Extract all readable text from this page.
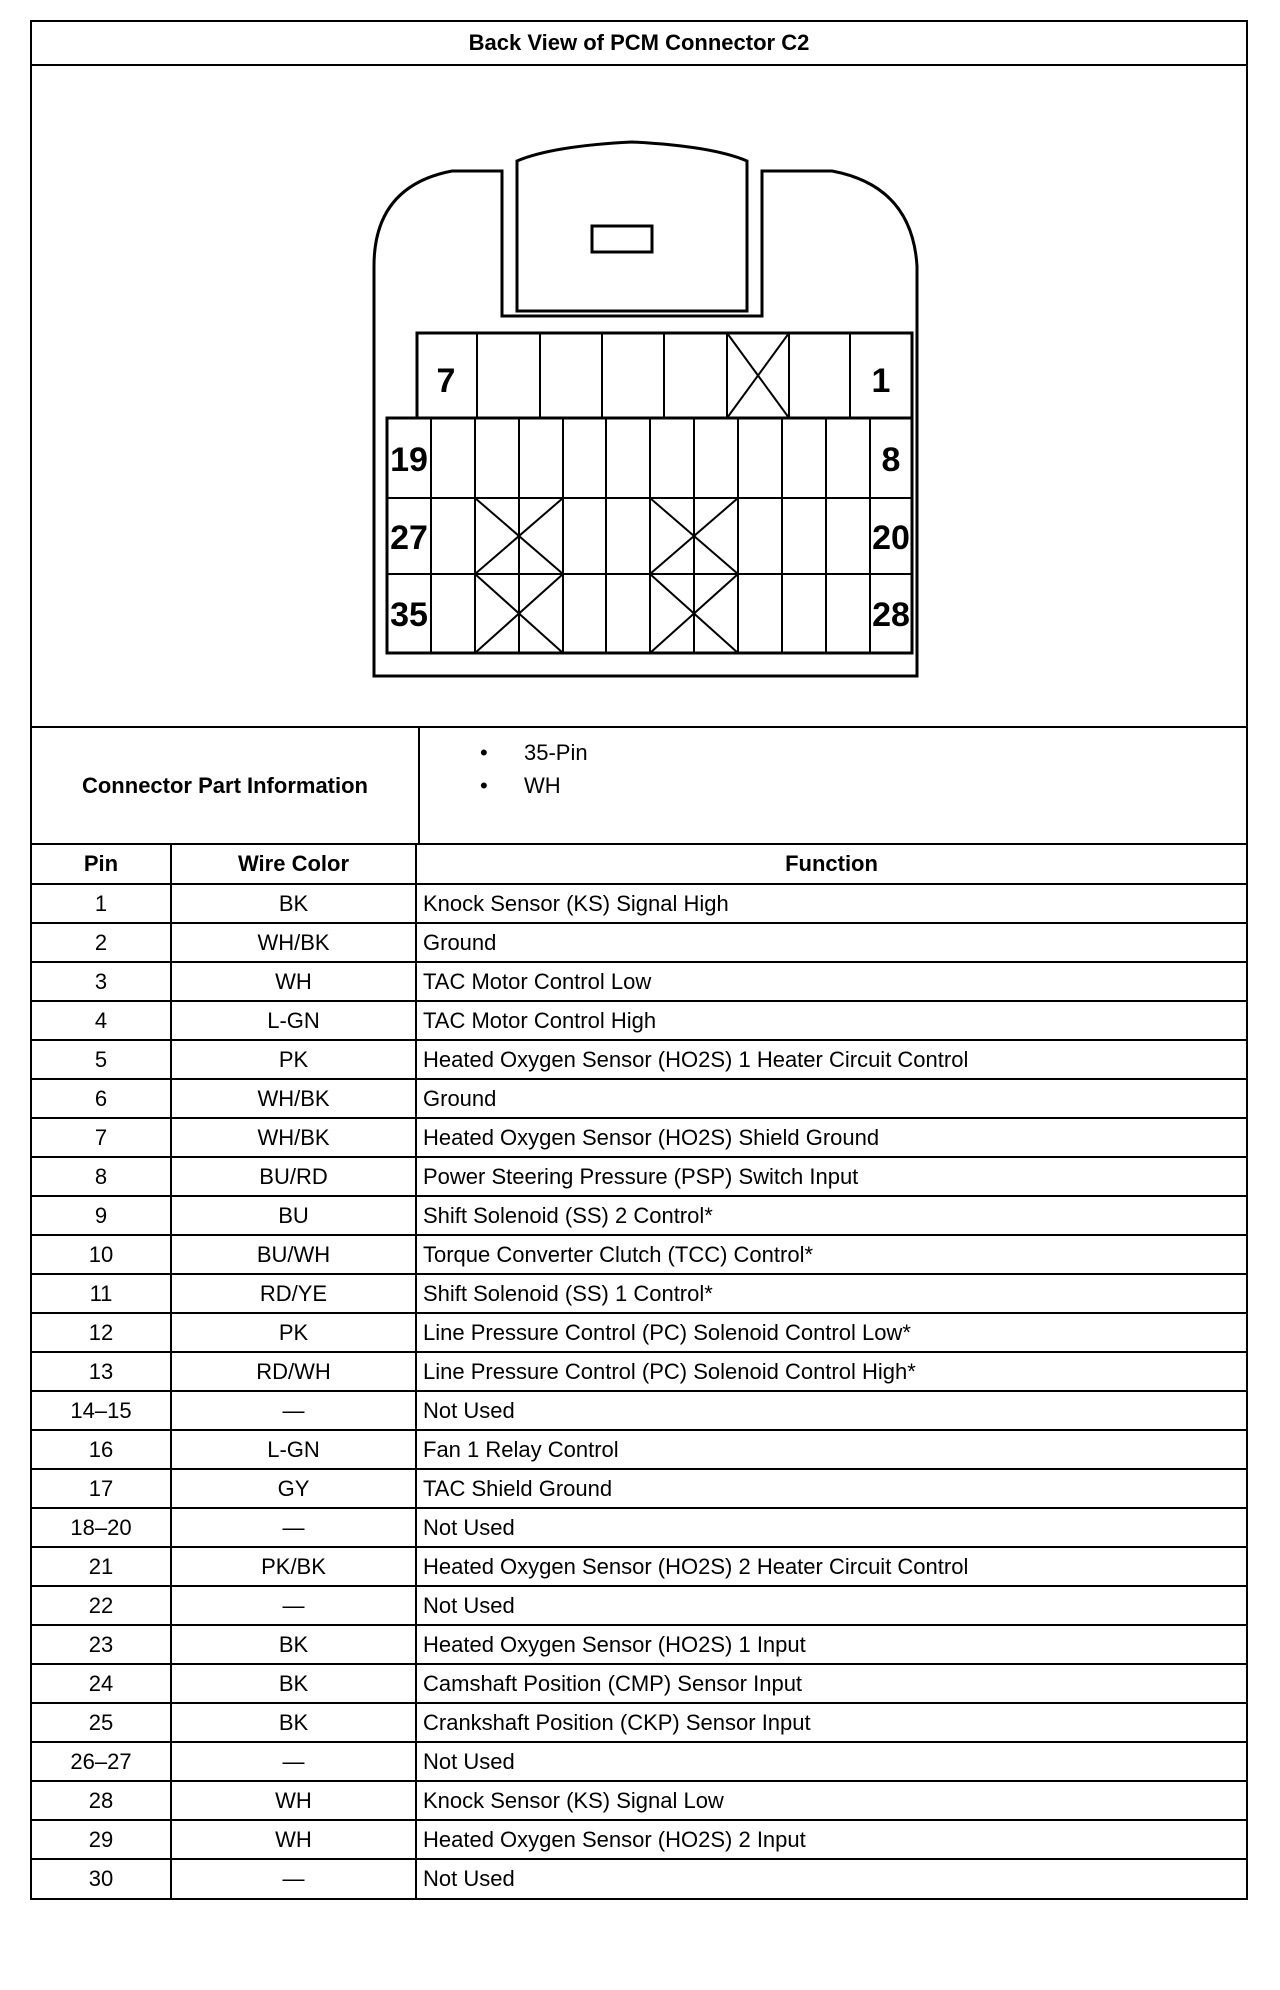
Back View of PCM Connector C2
7	1
19	8
27	20
35	28
Connector Part Information
• 35-Pin
• WH
Pin	Wire Color	Function
1	BK	Knock Sensor (KS) Signal High
2	WH/BK	Ground
3	WH	TAC Motor Control Low
4	L-GN	TAC Motor Control High
5	PK	Heated Oxygen Sensor (HO2S) 1 Heater Circuit Control
6	WH/BK	Ground
7	WH/BK	Heated Oxygen Sensor (HO2S) Shield Ground
8	BU/RD	Power Steering Pressure (PSP) Switch Input
9	BU	Shift Solenoid (SS) 2 Control*
10	BU/WH	Torque Converter Clutch (TCC) Control*
11	RD/YE	Shift Solenoid (SS) 1 Control*
12	PK	Line Pressure Control (PC) Solenoid Control Low*
13	RD/WH	Line Pressure Control (PC) Solenoid Control High*
14–15	—	Not Used
16	L-GN	Fan 1 Relay Control
17	GY	TAC Shield Ground
18–20	—	Not Used
21	PK/BK	Heated Oxygen Sensor (HO2S) 2 Heater Circuit Control
22	—	Not Used
23	BK	Heated Oxygen Sensor (HO2S) 1 Input
24	BK	Camshaft Position (CMP) Sensor Input
25	BK	Crankshaft Position (CKP) Sensor Input
26–27	—	Not Used
28	WH	Knock Sensor (KS) Signal Low
29	WH	Heated Oxygen Sensor (HO2S) 2 Input
30	—	Not Used
